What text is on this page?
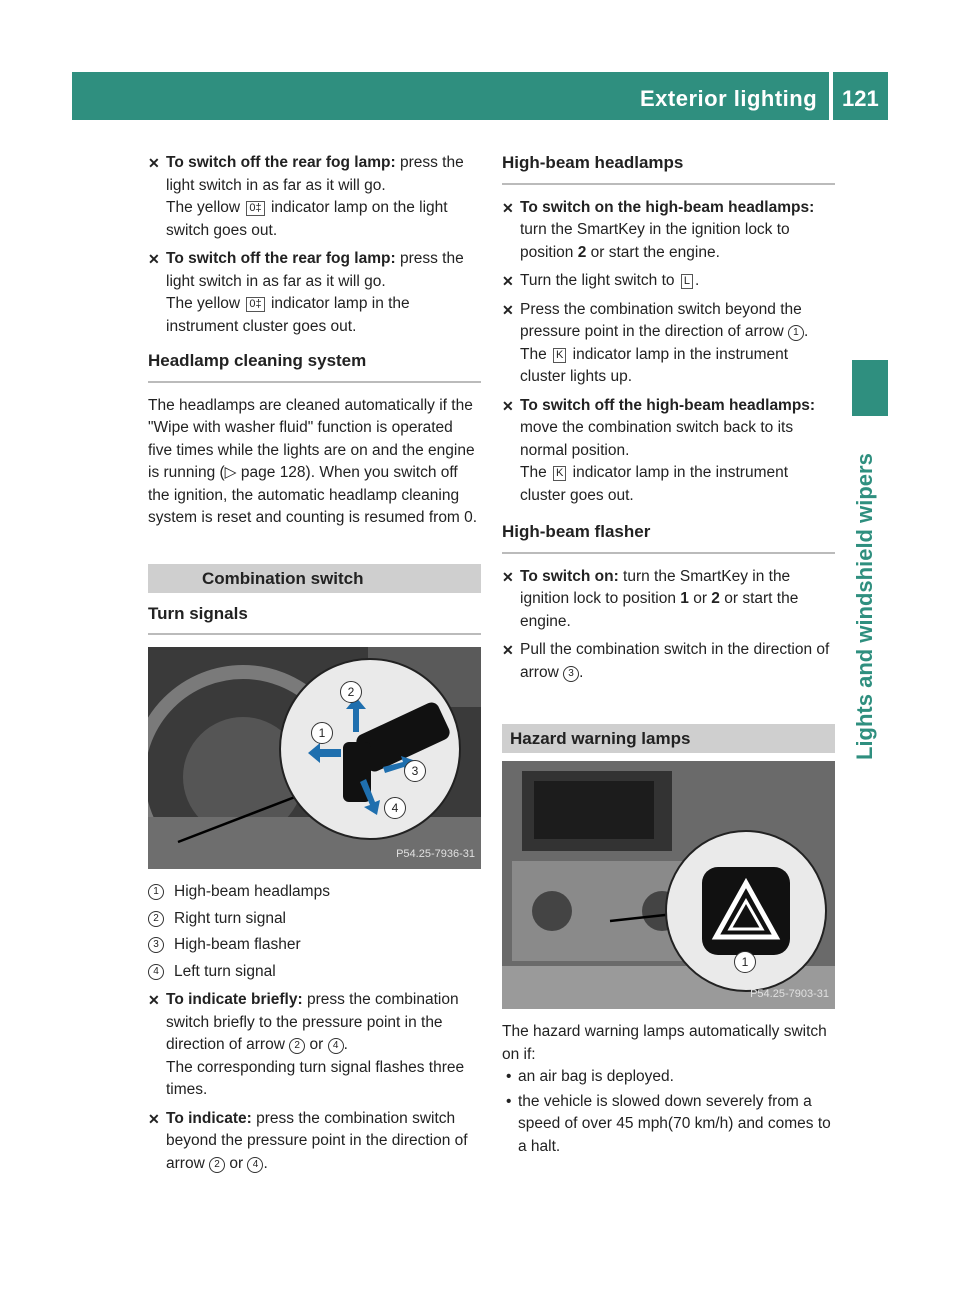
Exterior lighting 121
Lights and windshield wipers
✕ To switch off the rear fog lamp: press the light switch in as far as it will go.

The yellow 0‡ indicator lamp on the light switch goes out.

✕ To switch off the rear fog lamp: press the light switch in as far as it will go.

The yellow 0‡ indicator lamp in the instrument cluster goes out.

Headlamp cleaning system

The headlamps are cleaned automatically if the "Wipe with washer fluid" function is operated five times while the lights are on and the engine is running (▷ page 128). When you switch off the ignition, the automatic headlamp cleaning system is reset and counting is resumed from 0.

Combination switch
Turn signals
2
1
3
4
P54.25-7936-31
1 High-beam headlamps
2 Right turn signal
3 High-beam flasher
4 Left turn signal
✕ To indicate briefly: press the combination switch briefly to the pressure point in the direction of arrow 2 or 4 .

The corresponding turn signal flashes three times.

✕ To indicate: press the combination switch beyond the pressure point in the direction of arrow 2 or 4 .

High-beam headlamps
✕ To switch on the high-beam headlamps: turn the SmartKey in the ignition lock to position 2 or start the engine.

✕ Turn the light switch to L .

✕ Press the combination switch beyond the pressure point in the direction of arrow 1 .

The K indicator lamp in the instrument cluster lights up.

✕ To switch off the high-beam headlamps: move the combination switch back to its normal position.

The K indicator lamp in the instrument cluster goes out.

High-beam flasher
✕ To switch on: turn the SmartKey in the ignition lock to position 1 or 2 or start the engine.

✕ Pull the combination switch in the direction of arrow 3 .

Hazard warning lamps
1
P54.25-7903-31

The hazard warning lamps automatically switch on if:

• an air bag is deployed.
• the vehicle is slowed down severely from a speed of over 45 mph(70 km/h) and comes to a halt.
